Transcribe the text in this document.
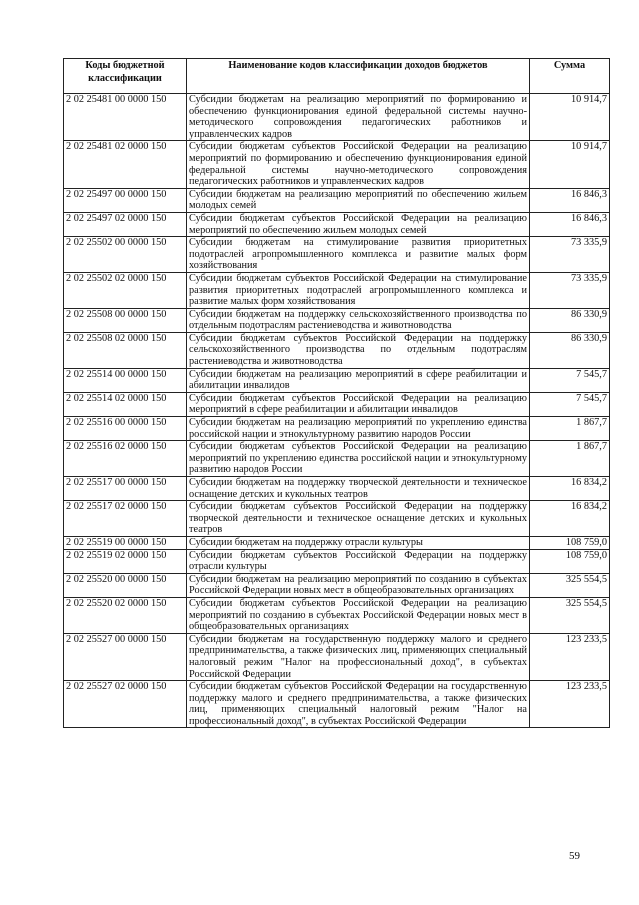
Коды бюджетной классификации	Наименование кодов классификации доходов бюджетов	Сумма
2 02 25481 00 0000 150	Субсидии бюджетам на реализацию мероприятий по формированию и обеспечению функционирования единой федеральной системы научно-методического сопровождения педагогических работников и управленческих кадров	10 914,7
2 02 25481 02 0000 150	Субсидии бюджетам субъектов Российской Федерации на реализацию мероприятий по формированию и обеспечению функционирования единой федеральной системы научно-методического сопровождения педагогических работников и управленческих кадров	10 914,7
2 02 25497 00 0000 150	Субсидии бюджетам на реализацию мероприятий по обеспечению жильем молодых семей	16 846,3
2 02 25497 02 0000 150	Субсидии бюджетам субъектов Российской Федерации на реализацию мероприятий по обеспечению жильем молодых семей	16 846,3
2 02 25502 00 0000 150	Субсидии бюджетам на стимулирование развития приоритетных подотраслей агропромышленного комплекса и развитие малых форм хозяйствования	73 335,9
2 02 25502 02 0000 150	Субсидии бюджетам субъектов Российской Федерации на стимулирование развития приоритетных подотраслей агропромышленного комплекса и развитие малых форм хозяйствования	73 335,9
2 02 25508 00 0000 150	Субсидии бюджетам на поддержку сельскохозяйственного производства по отдельным подотраслям растениеводства и животноводства	86 330,9
2 02 25508 02 0000 150	Субсидии бюджетам субъектов Российской Федерации на поддержку сельскохозяйственного производства по отдельным подотраслям растениеводства и животноводства	86 330,9
2 02 25514 00 0000 150	Субсидии бюджетам на реализацию мероприятий в сфере реабилитации и абилитации инвалидов	7 545,7
2 02 25514 02 0000 150	Субсидии бюджетам субъектов Российской Федерации на реализацию мероприятий в сфере реабилитации и абилитации инвалидов	7 545,7
2 02 25516 00 0000 150	Субсидии бюджетам на реализацию мероприятий по укреплению единства российской нации и этнокультурному развитию народов России	1 867,7
2 02 25516 02 0000 150	Субсидии бюджетам субъектов Российской Федерации на реализацию мероприятий по укреплению единства российской нации и этнокультурному развитию народов России	1 867,7
2 02 25517 00 0000 150	Субсидии бюджетам на поддержку творческой деятельности и техническое оснащение детских и кукольных театров	16 834,2
2 02 25517 02 0000 150	Субсидии бюджетам субъектов Российской Федерации на поддержку творческой деятельности и техническое оснащение детских и кукольных театров	16 834,2
2 02 25519 00 0000 150	Субсидии бюджетам на поддержку отрасли культуры	108 759,0
2 02 25519 02 0000 150	Субсидии бюджетам субъектов Российской Федерации на поддержку отрасли культуры	108 759,0
2 02 25520 00 0000 150	Субсидии бюджетам на реализацию мероприятий по созданию в субъектах Российской Федерации новых мест в общеобразовательных организациях	325 554,5
2 02 25520 02 0000 150	Субсидии бюджетам субъектов Российской Федерации на реализацию мероприятий по созданию в субъектах Российской Федерации новых мест в общеобразовательных организациях	325 554,5
2 02 25527 00 0000 150	Субсидии бюджетам на государственную поддержку малого и среднего предпринимательства, а также физических лиц, применяющих специальный налоговый режим "Налог на профессиональный доход", в субъектах Российской Федерации	123 233,5
2 02 25527 02 0000 150	Субсидии бюджетам субъектов Российской Федерации на государственную поддержку малого и среднего предпринимательства, а также физических лиц, применяющих специальный налоговый режим "Налог на профессиональный доход", в субъектах Российской Федерации	123 233,5
59
